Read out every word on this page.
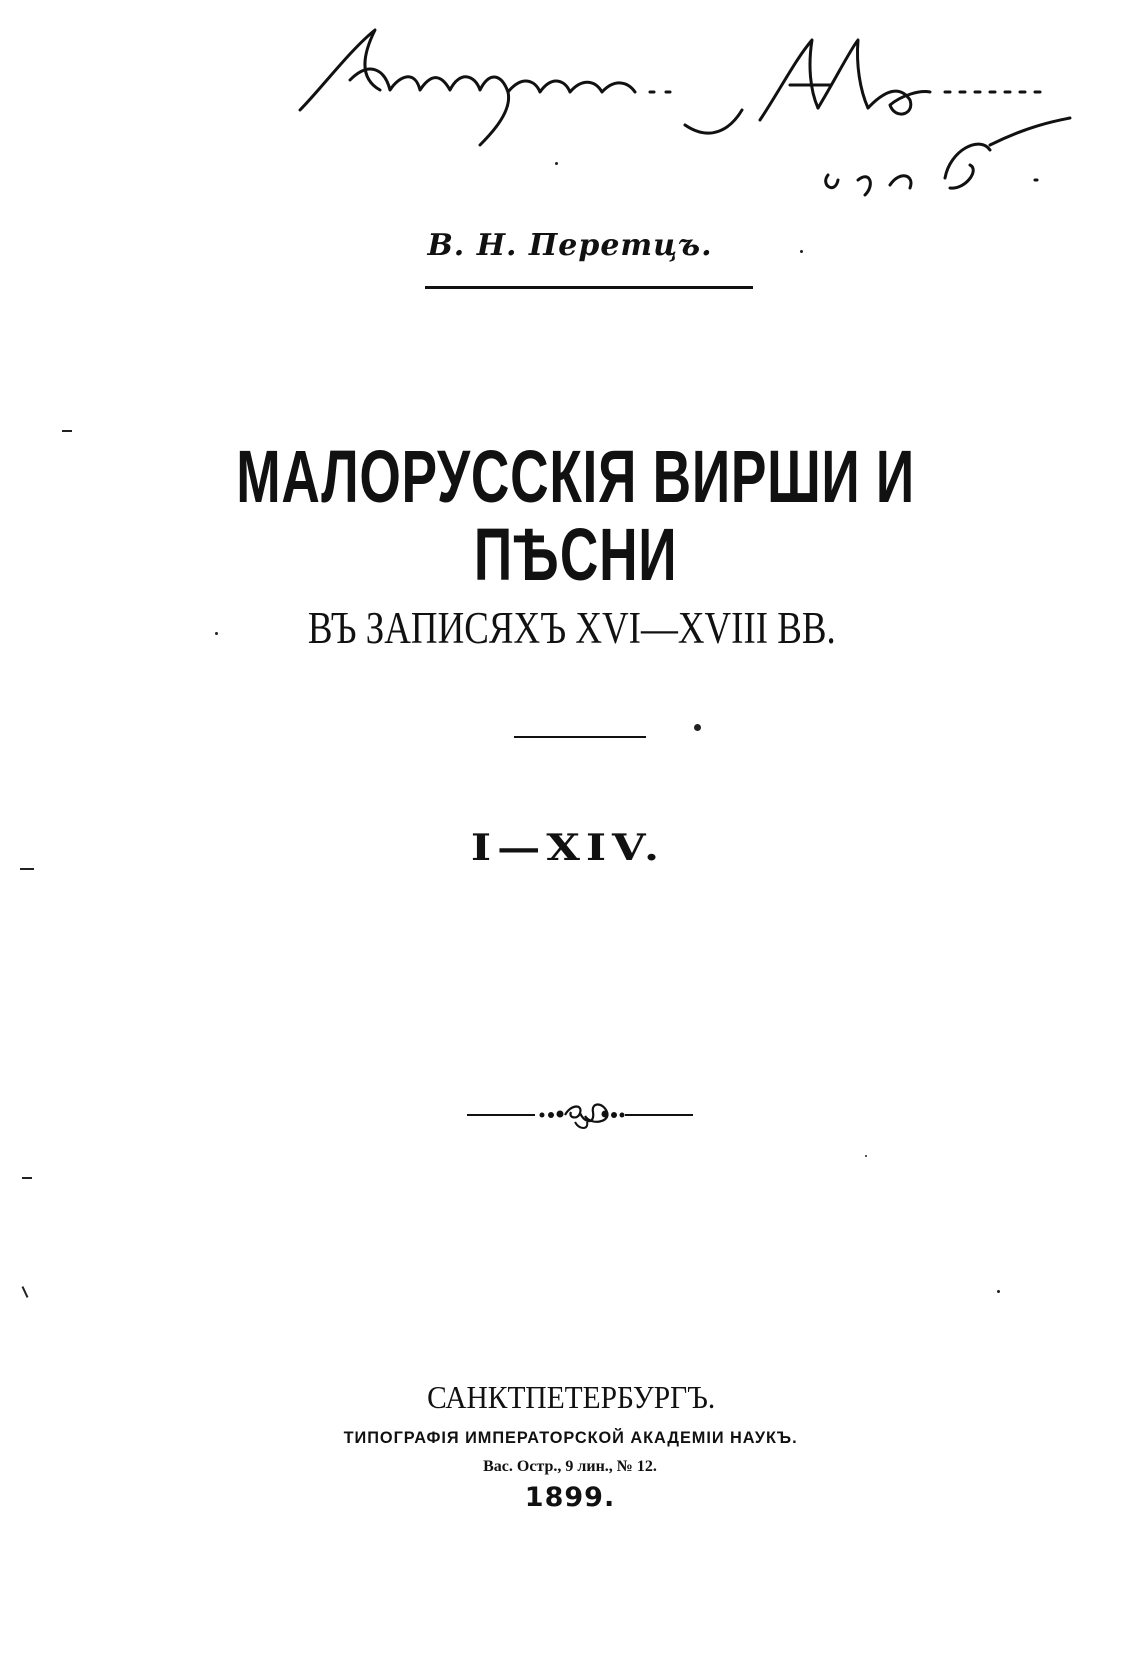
В. Н. Перетцъ.
МАЛОРУССКІЯ ВИРШИ И ПѢСНИ
ВЪ ЗАПИСЯХЪ XVI—XVIII ВВ.
I—XIV.
САНКТПЕТЕРБУРГЪ.
ТИПОГРАФІЯ ИМПЕРАТОРСКОЙ АКАДЕМІИ НАУКЪ.
Вас. Остр., 9 лин., № 12.
1899.
